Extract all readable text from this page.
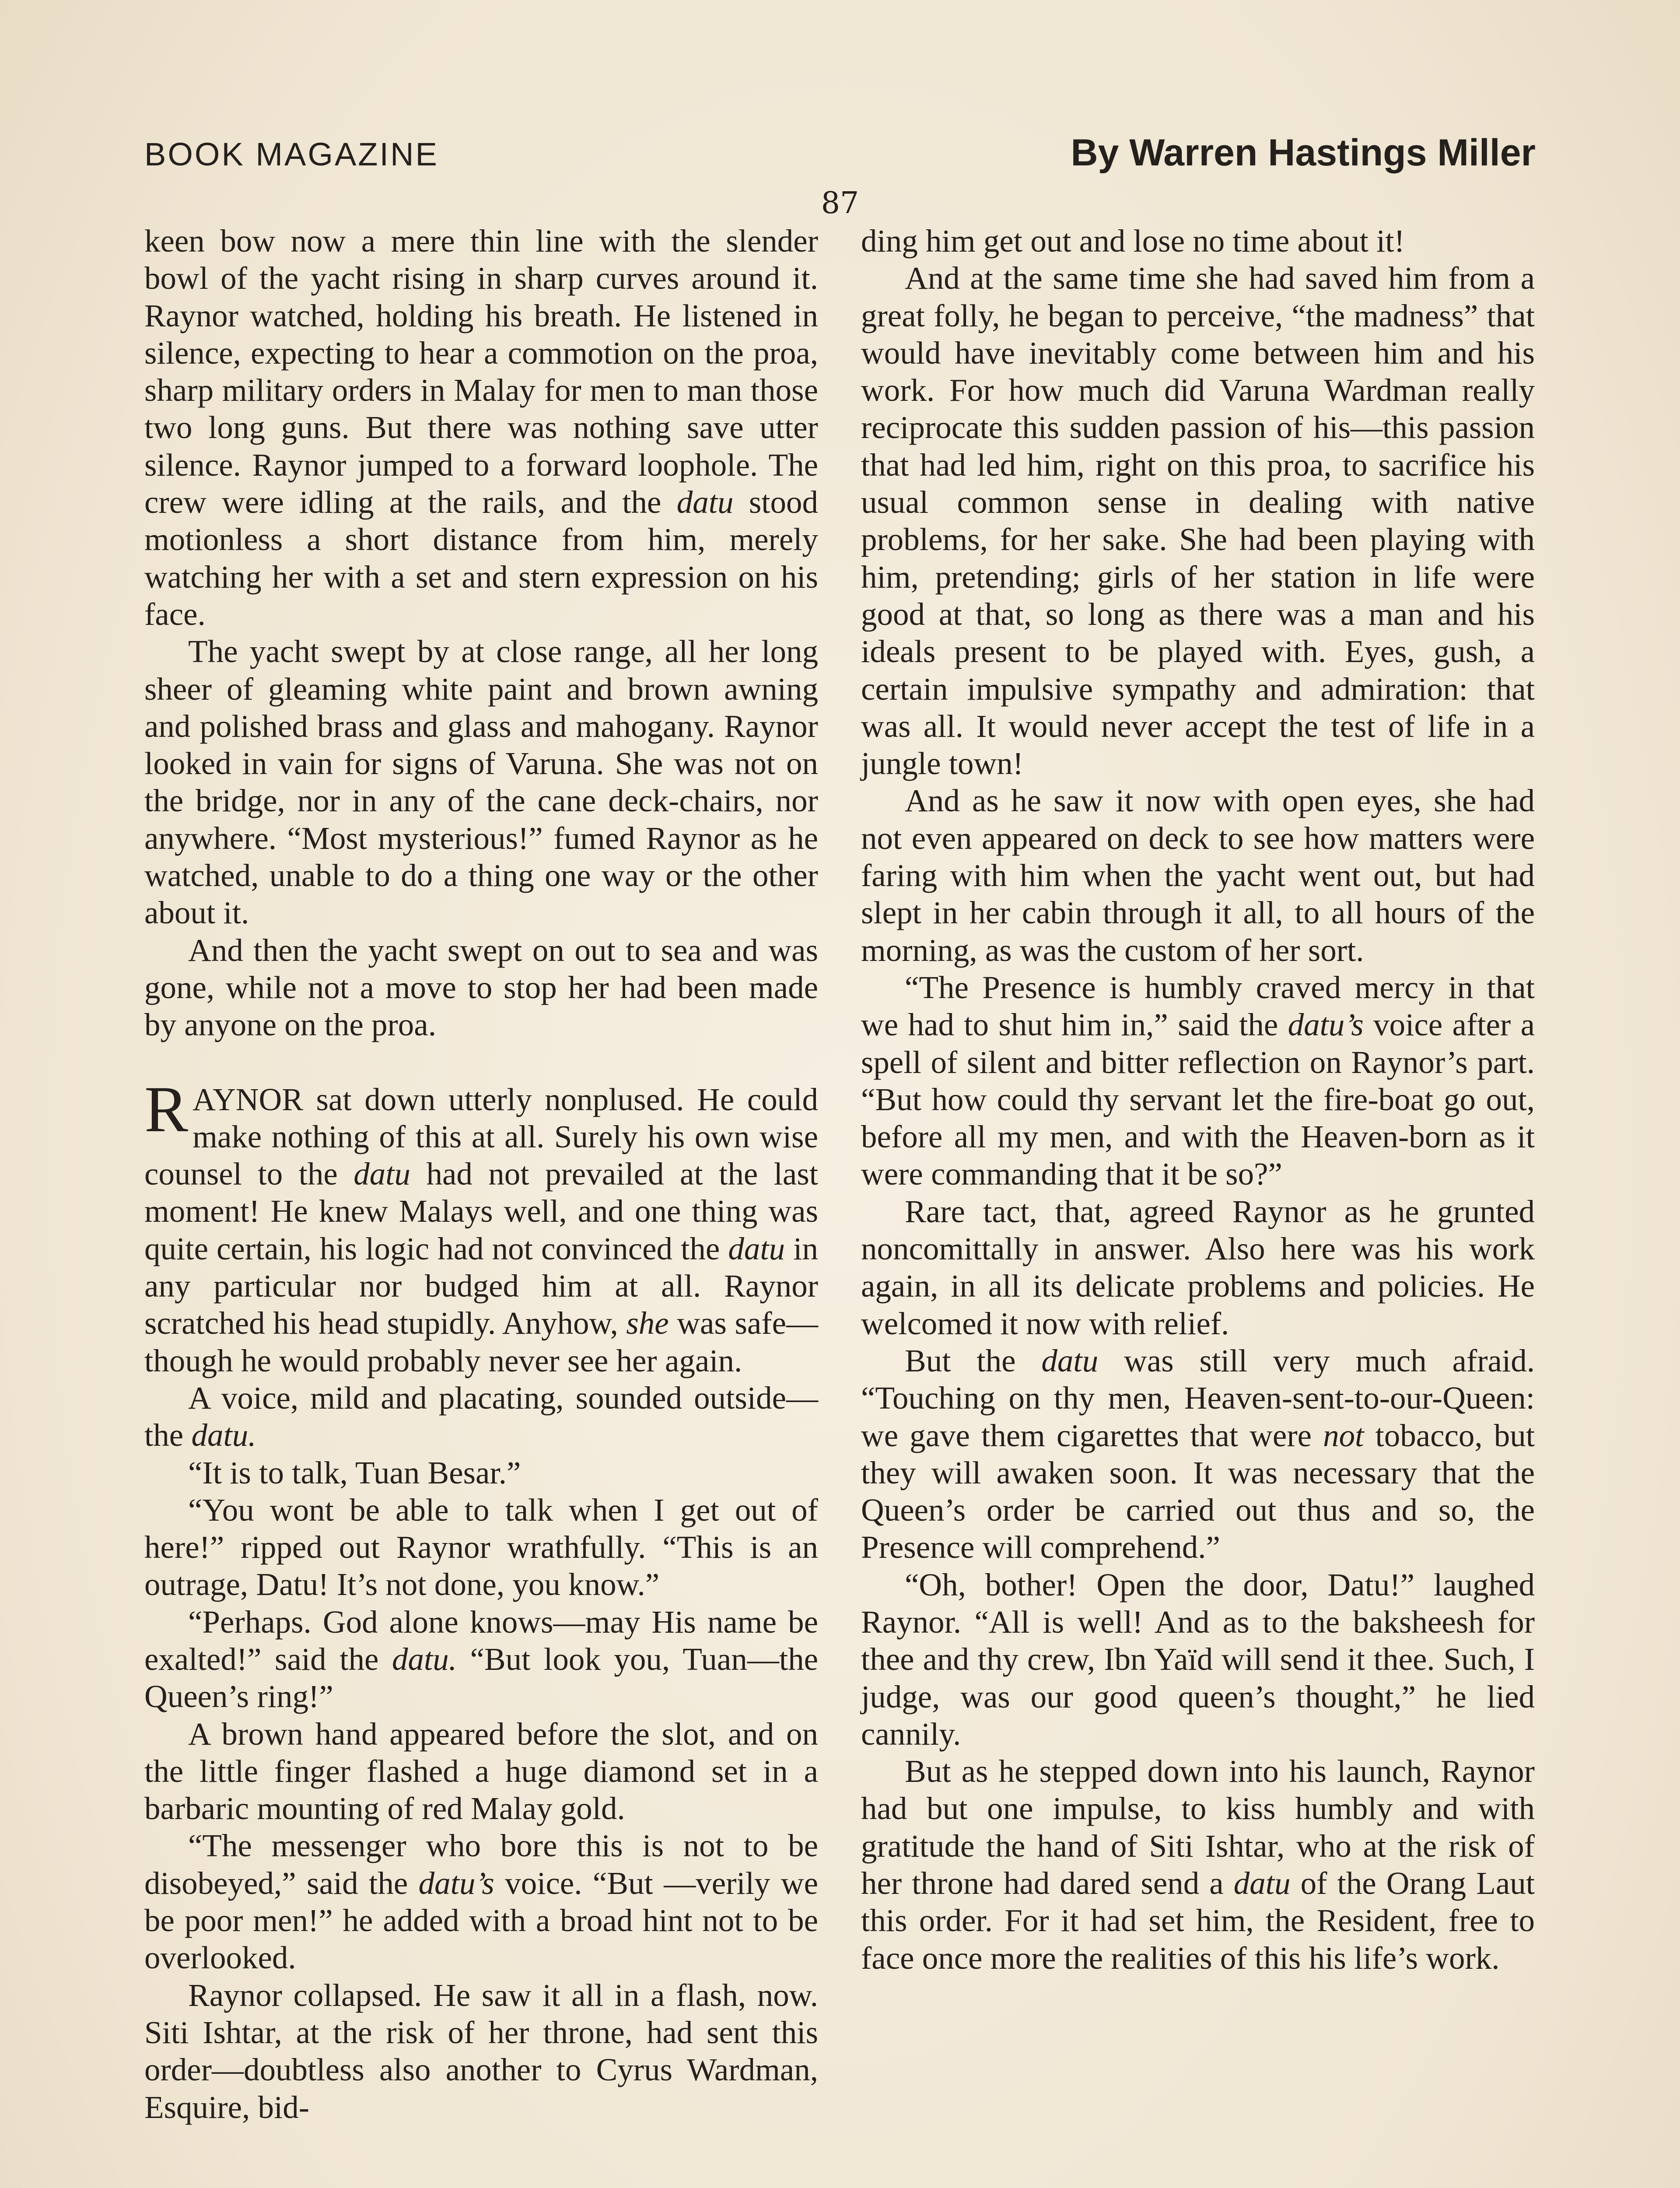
BOOK MAGAZINE	By Warren Hastings Miller
87

keen bow now a mere thin line with the slender bowl of the yacht rising in sharp curves around it. Raynor watched, holding his breath. He listened in silence, expecting to hear a commotion on the proa, sharp military orders in Malay for men to man those two long guns. But there was nothing save utter silence. Raynor jumped to a forward loophole. The crew were idling at the rails, and the datu stood motionless a short distance from him, merely watching her with a set and stern expression on his face.

The yacht swept by at close range, all her long sheer of gleaming white paint and brown awning and polished brass and glass and mahogany. Raynor looked in vain for signs of Varuna. She was not on the bridge, nor in any of the cane deck-chairs, nor anywhere. “Most mysterious!” fumed Raynor as he watched, unable to do a thing one way or the other about it.

And then the yacht swept on out to sea and was gone, while not a move to stop her had been made by anyone on the proa.

RAYNOR sat down utterly nonplused. He could make nothing of this at all. Surely his own wise counsel to the datu had not prevailed at the last moment! He knew Malays well, and one thing was quite certain, his logic had not convinced the datu in any particular nor budged him at all. Raynor scratched his head stupidly. Anyhow, she was safe—though he would probably never see her again.

A voice, mild and placating, sounded outside—the datu.

“It is to talk, Tuan Besar.”

“You wont be able to talk when I get out of here!” ripped out Raynor wrathfully. “This is an outrage, Datu! It’s not done, you know.”

“Perhaps. God alone knows—may His name be exalted!” said the datu. “But look you, Tuan—the Queen’s ring!”

A brown hand appeared before the slot, and on the little finger flashed a huge diamond set in a barbaric mounting of red Malay gold.

“The messenger who bore this is not to be disobeyed,” said the datu’s voice. “But —verily we be poor men!” he added with a broad hint not to be overlooked.

Raynor collapsed. He saw it all in a flash, now. Siti Ishtar, at the risk of her throne, had sent this order—doubtless also another to Cyrus Wardman, Esquire, bid-

ding him get out and lose no time about it!

And at the same time she had saved him from a great folly, he began to perceive, “the madness” that would have inevitably come between him and his work. For how much did Varuna Wardman really reciprocate this sudden passion of his—this passion that had led him, right on this proa, to sacrifice his usual common sense in dealing with native problems, for her sake. She had been playing with him, pretending; girls of her station in life were good at that, so long as there was a man and his ideals present to be played with. Eyes, gush, a certain impulsive sympathy and admiration: that was all. It would never accept the test of life in a jungle town!

And as he saw it now with open eyes, she had not even appeared on deck to see how matters were faring with him when the yacht went out, but had slept in her cabin through it all, to all hours of the morning, as was the custom of her sort.

“The Presence is humbly craved mercy in that we had to shut him in,” said the datu’s voice after a spell of silent and bitter reflection on Raynor’s part. “But how could thy servant let the fire-boat go out, before all my men, and with the Heaven-born as it were commanding that it be so?”

Rare tact, that, agreed Raynor as he grunted noncomittally in answer. Also here was his work again, in all its delicate problems and policies. He welcomed it now with relief.

But the datu was still very much afraid. “Touching on thy men, Heaven-sent-to-our-Queen: we gave them cigarettes that were not tobacco, but they will awaken soon. It was necessary that the Queen’s order be carried out thus and so, the Presence will comprehend.”

“Oh, bother! Open the door, Datu!” laughed Raynor. “All is well! And as to the baksheesh for thee and thy crew, Ibn Yaïd will send it thee. Such, I judge, was our good queen’s thought,” he lied cannily.

But as he stepped down into his launch, Raynor had but one impulse, to kiss humbly and with gratitude the hand of Siti Ishtar, who at the risk of her throne had dared send a datu of the Orang Laut this order. For it had set him, the Resident, free to face once more the realities of this his life’s work.
